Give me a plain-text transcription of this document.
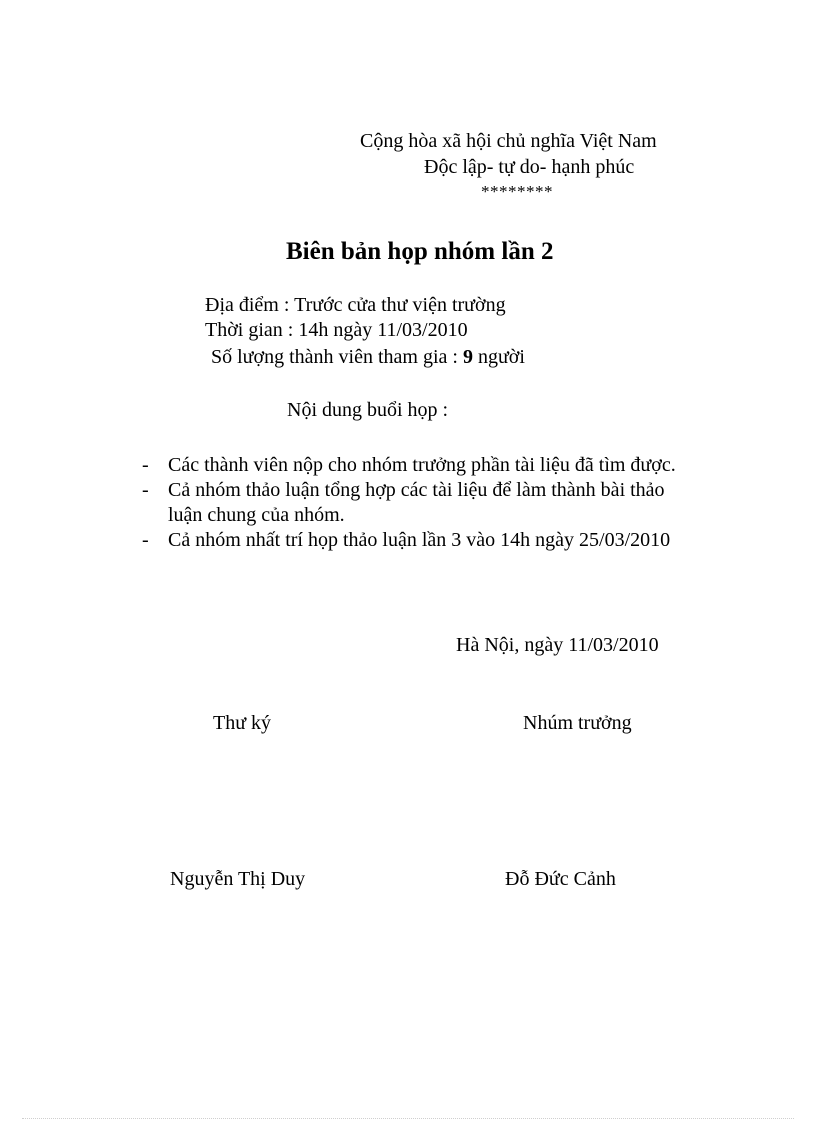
Cộng hòa xã hội chủ nghĩa Việt Nam
Độc lập- tự do- hạnh phúc
********
Biên bản họp nhóm lần 2
Địa điểm : Trước cửa thư viện trường
Thời gian : 14h ngày 11/03/2010
Số lượng thành viên tham gia : 9 người
Nội dung buổi họp :
- Các thành viên nộp cho nhóm trưởng phần tài liệu đã tìm được.
- Cả nhóm thảo luận tổng hợp các tài liệu để làm thành bài thảo luận chung của nhóm.
- Cả nhóm nhất trí họp thảo luận lần 3 vào 14h ngày 25/03/2010
Hà Nội, ngày 11/03/2010
Thư ký	Nhúm trưởng
Nguyễn Thị Duy	Đỗ Đức Cảnh
